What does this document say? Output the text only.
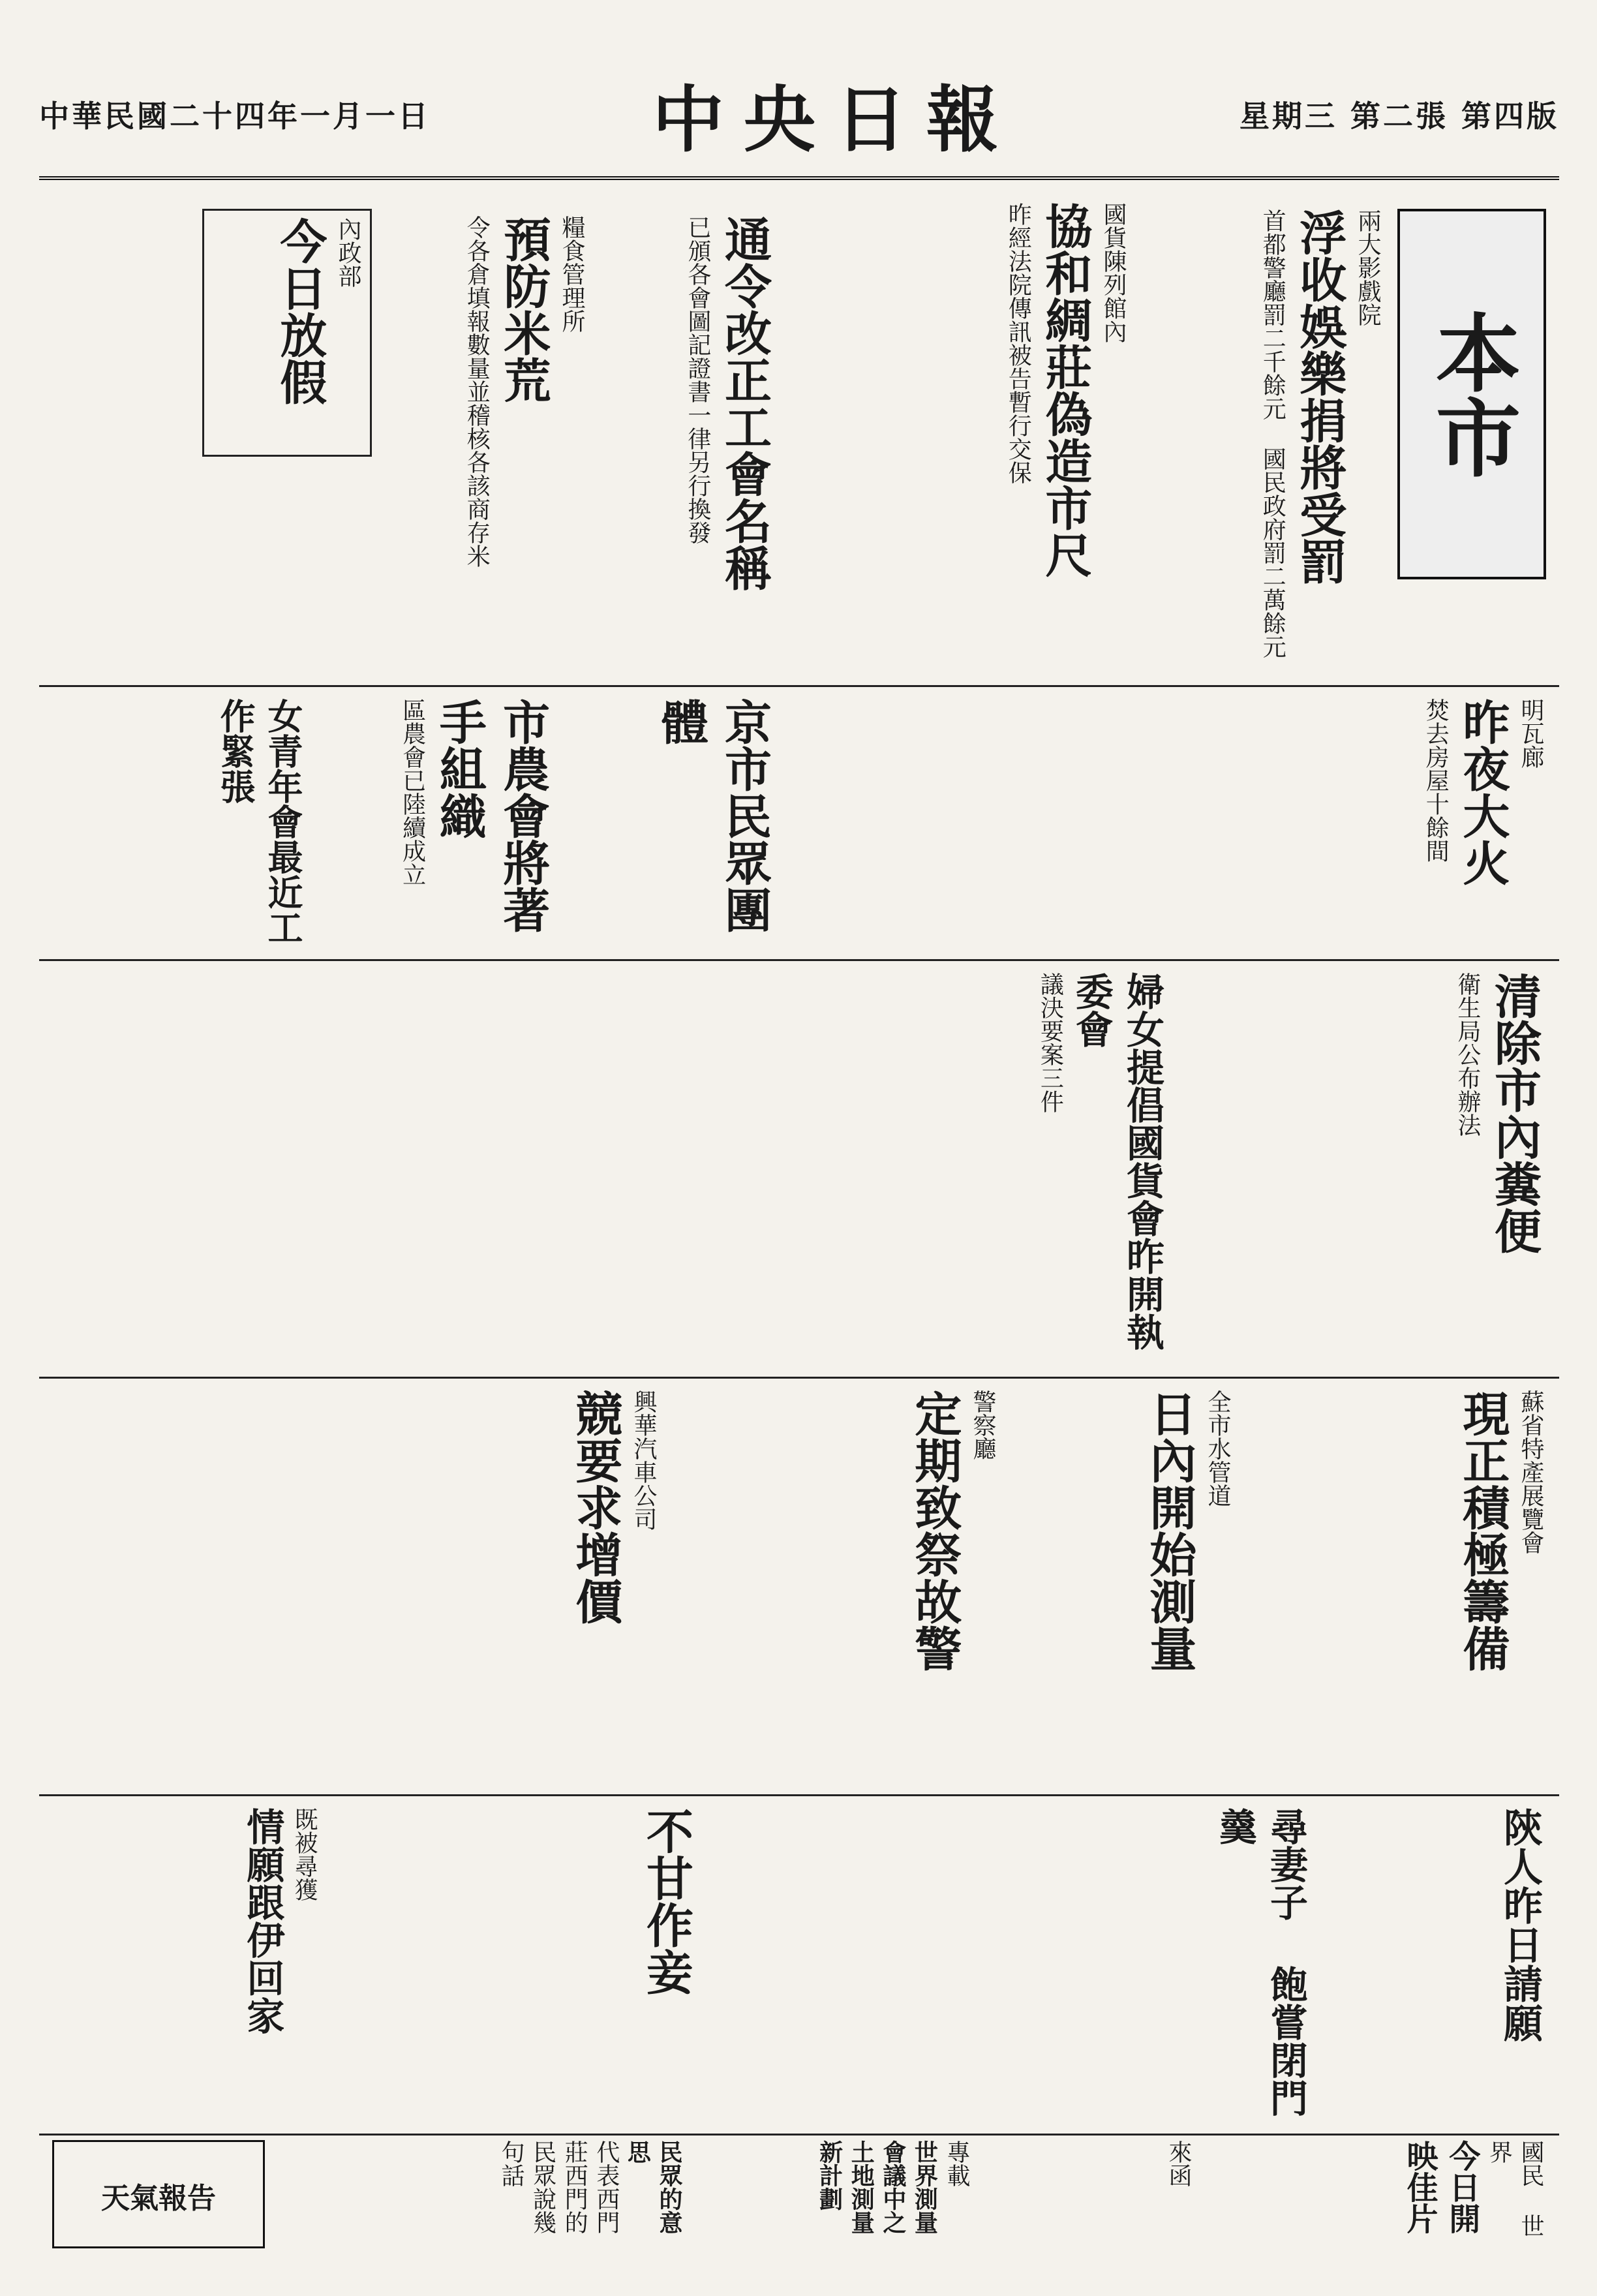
星期三 第二張 第四版
中央日報
中華民國二十四年一月一日
本市
兩大影戲院
浮收娛樂捐將受罰
首都警廳罰二千餘元 國民政府罰二萬餘元
國貨陳列館內
協和綢莊偽造市尺
昨經法院傳訊被告暫行交保
通令改正工會名稱
已頒各會圖記證書一律另行換發
糧食管理所
預防米荒
令各倉填報數量並稽核各該商存米
內政部
今日放假
明瓦廊
昨夜大火
焚去房屋十餘間
京市民眾團體
市農會將著手組織
區農會已陸續成立
女青年會最近工作緊張
清除市內糞便
衛生局公布辦法
婦女提倡國貨會昨開執委會
議決要案三件
蘇省特產展覽會
現正積極籌備
全市水管道
日內開始測量
警察廳
定期致祭故警
興華汽車公司
競要求增價
陝人昨日請願
尋妻子 飽嘗閉門羹
不甘作妾
既被尋獲
情願跟伊回家
國民 世界
今日開映佳片
來函
專載
世界測量會議中之土地測量新計劃
民眾的意思
代表西門莊西門的民眾說幾句話
天氣報告
